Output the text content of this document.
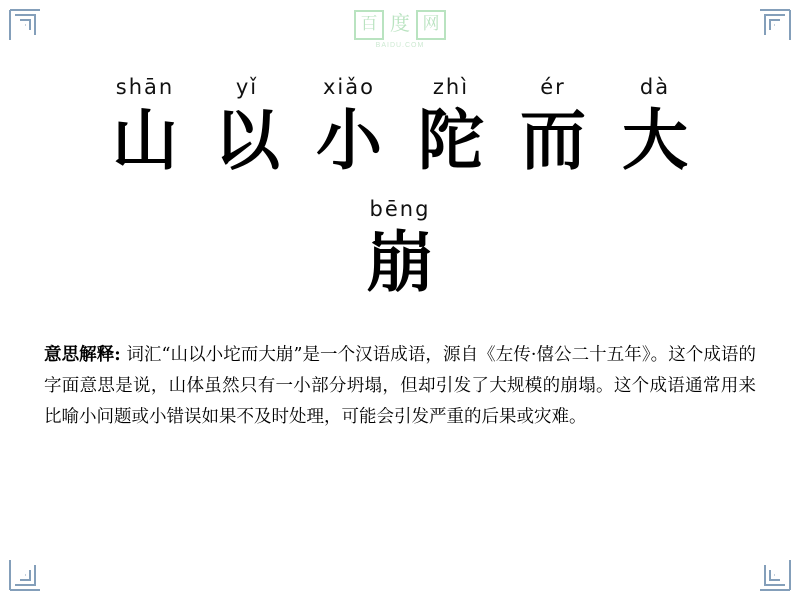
百 度 网
BAIDU.COM
shān
山
yǐ
以
xiǎo
小
zhì
陀
ér
而
dà
大
bēng
崩
意思解释: 词汇“山以小坨而大崩”是一个汉语成语，源自《左传·僖公二十五年》。这个成语的字面意思是说，山体虽然只有一小部分坍塌，但却引发了大规模的崩塌。这个成语通常用来比喻小问题或小错误如果不及时处理，可能会引发严重的后果或灾难。
